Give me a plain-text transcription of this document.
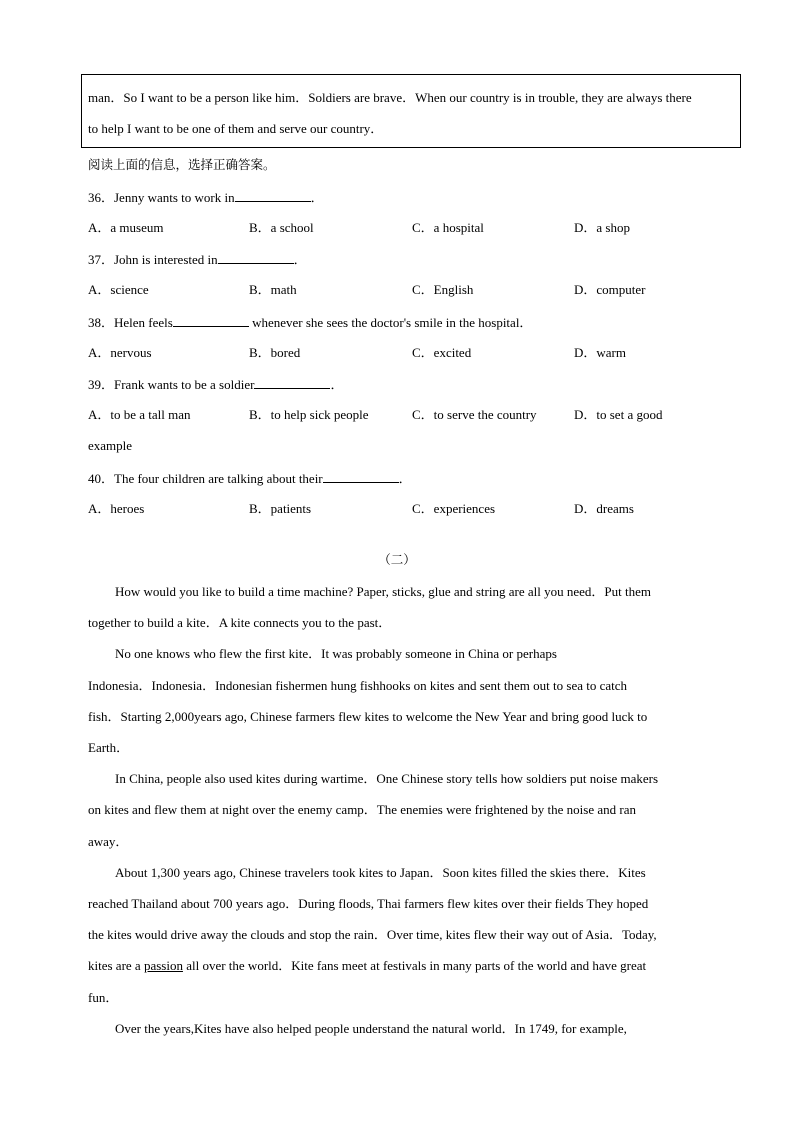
man．So I want to be a person like him．Soldiers are brave．When our country is in trouble, they are always there
to help I want to be one of them and serve our country．
阅读上面的信息，选择正确答案。
36．Jenny wants to work in	．
A．a museum	B．a school	C．a hospital	D．a shop
37．John is interested in	．
A．science	B．math	C．English	D．computer
38．Helen feels	whenever she sees the doctor's smile in the hospital．
A．nervous	B．bored	C．excited	D．warm
39．Frank wants to be a soldier	．
A．to be a tall man	B．to help sick people	C．to serve the country	D．to set a good
example
40．The four children are talking about their	．
A．heroes	B．patients	C．experiences	D．dreams
（二）
How would you like to build a time machine? Paper, sticks, glue and string are all you need．Put them
together to build a kite．A kite connects you to the past．
No one knows who flew the first kite．It was probably someone in China or perhaps
Indonesia．Indonesia．Indonesian fishermen hung fishhooks on kites and sent them out to sea to catch
fish．Starting 2,000years ago, Chinese farmers flew kites to welcome the New Year and bring good luck to
Earth．
In China, people also used kites during wartime．One Chinese story tells how soldiers put noise makers
on kites and flew them at night over the enemy camp．The enemies were frightened by the noise and ran
away．
About 1,300 years ago, Chinese travelers took kites to Japan．Soon kites filled the skies there．Kites
reached Thailand about 700 years ago．During floods, Thai farmers flew kites over their fields They hoped
the kites would drive away the clouds and stop the rain．Over time, kites flew their way out of Asia．Today,
kites are a passion all over the world．Kite fans meet at festivals in many parts of the world and have great
fun．
Over the years,Kites have also helped people understand the natural world．In 1749, for example,
